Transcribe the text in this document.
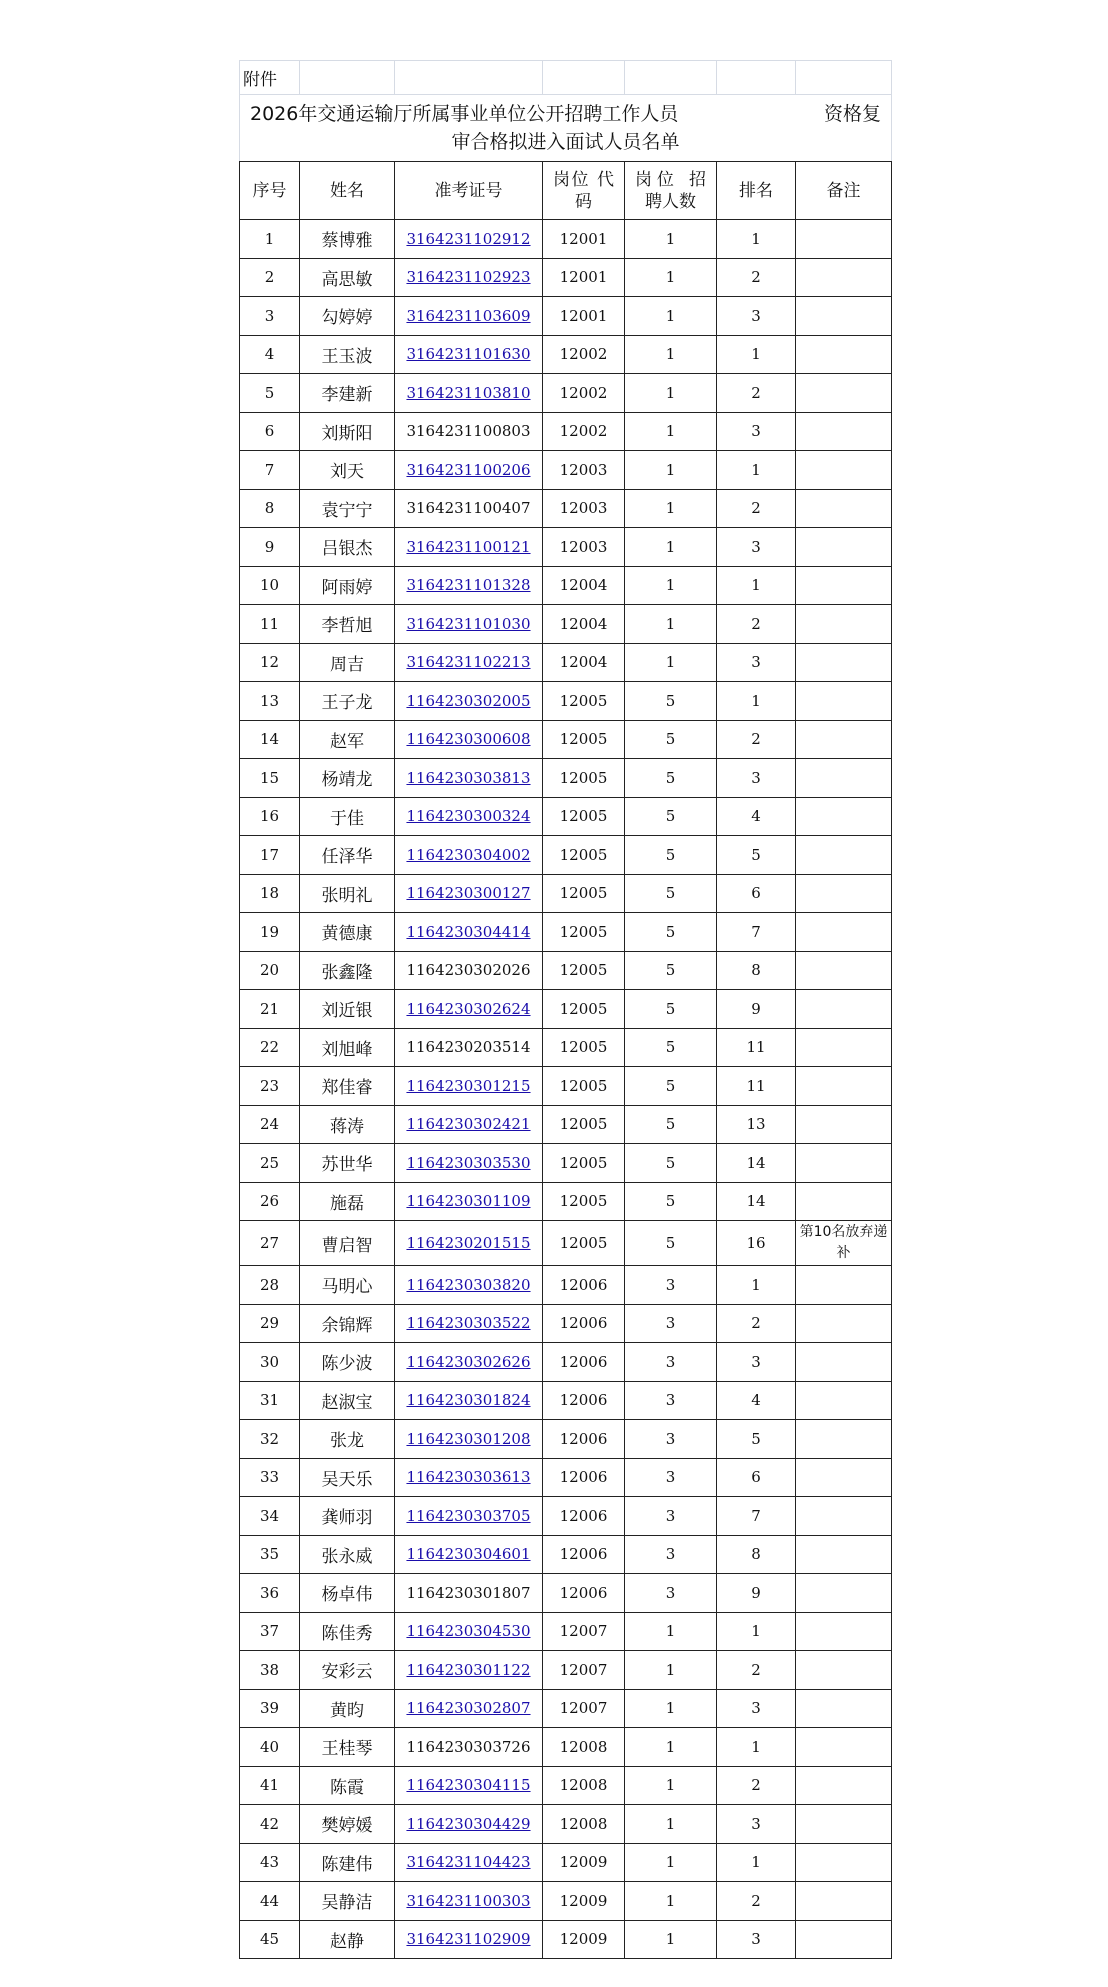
附件						

2026年交通运输厅所属事业单位公开招聘工作人员 资格复
审合格拟进入面试人员名单						

序号	姓名	准考证号	岗位 代码	岗位 招聘人数	排名	备注
1	蔡博雅	3164231102912	12001	1	1	
2	高思敏	3164231102923	12001	1	2	
3	勾婷婷	3164231103609	12001	1	3	
4	王玉波	3164231101630	12002	1	1	
5	李建新	3164231103810	12002	1	2	
6	刘斯阳	3164231100803	12002	1	3	
7	刘天	3164231100206	12003	1	1	
8	袁宁宁	3164231100407	12003	1	2	
9	吕银杰	3164231100121	12003	1	3	
10	阿雨婷	3164231101328	12004	1	1	
11	李哲旭	3164231101030	12004	1	2	
12	周吉	3164231102213	12004	1	3	
13	王子龙	1164230302005	12005	5	1	
14	赵军	1164230300608	12005	5	2	
15	杨靖龙	1164230303813	12005	5	3	
16	于佳	1164230300324	12005	5	4	
17	任泽华	1164230304002	12005	5	5	
18	张明礼	1164230300127	12005	5	6	
19	黄德康	1164230304414	12005	5	7	
20	张鑫隆	1164230302026	12005	5	8	
21	刘近银	1164230302624	12005	5	9	
22	刘旭峰	1164230203514	12005	5	11	
23	郑佳睿	1164230301215	12005	5	11	
24	蒋涛	1164230302421	12005	5	13	
25	苏世华	1164230303530	12005	5	14	
26	施磊	1164230301109	12005	5	14	
27	曹启智	1164230201515	12005	5	16	第10名放弃递补
28	马明心	1164230303820	12006	3	1	
29	余锦辉	1164230303522	12006	3	2	
30	陈少波	1164230302626	12006	3	3	
31	赵淑宝	1164230301824	12006	3	4	
32	张龙	1164230301208	12006	3	5	
33	吴天乐	1164230303613	12006	3	6	
34	龚师羽	1164230303705	12006	3	7	
35	张永威	1164230304601	12006	3	8	
36	杨卓伟	1164230301807	12006	3	9	
37	陈佳秀	1164230304530	12007	1	1	
38	安彩云	1164230301122	12007	1	2	
39	黄昀	1164230302807	12007	1	3	
40	王桂琴	1164230303726	12008	1	1	
41	陈霞	1164230304115	12008	1	2	
42	樊婷媛	1164230304429	12008	1	3	
43	陈建伟	3164231104423	12009	1	1	
44	吴静洁	3164231100303	12009	1	2	
45	赵静	3164231102909	12009	1	3	
